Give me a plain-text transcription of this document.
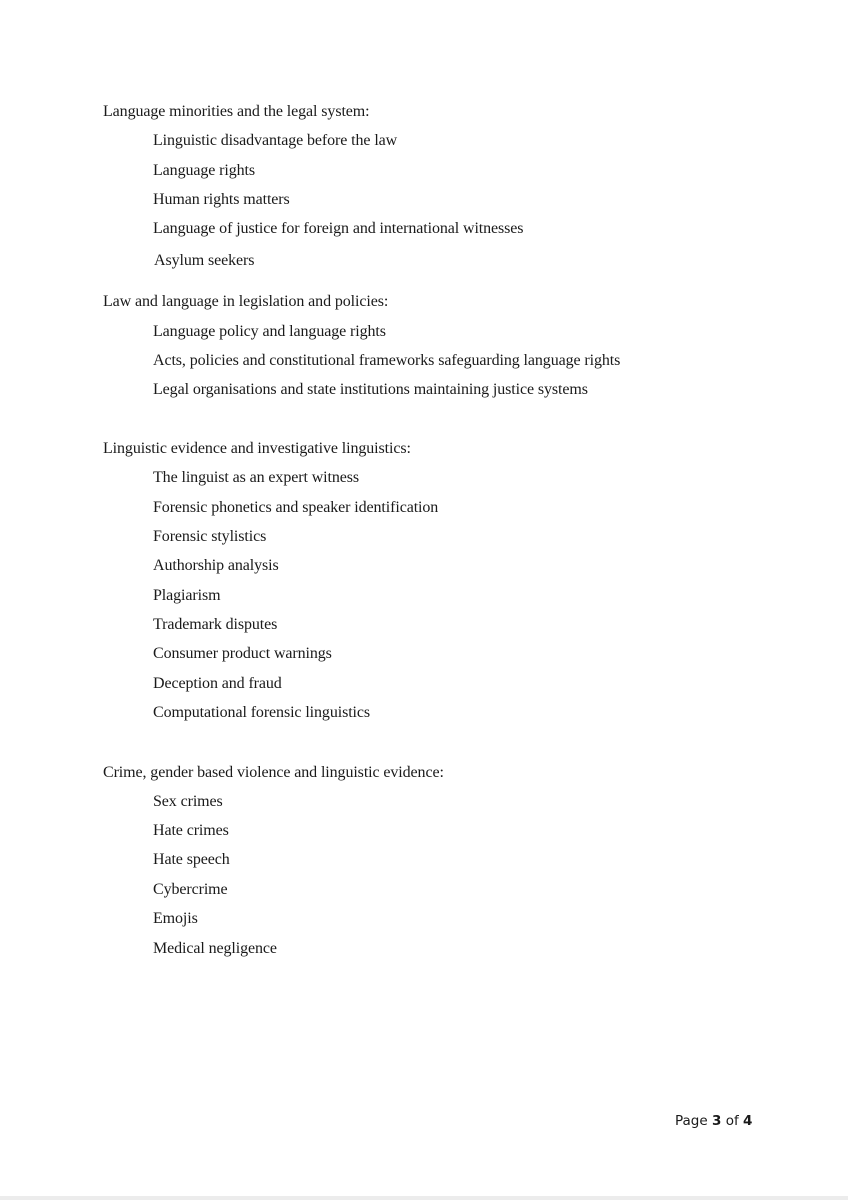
Language minorities and the legal system:
Linguistic disadvantage before the law
Language rights
Human rights matters
Language of justice for foreign and international witnesses
Asylum seekers
Law and language in legislation and policies:
Language policy and language rights
Acts, policies and constitutional frameworks safeguarding language rights
Legal organisations and state institutions maintaining justice systems
Linguistic evidence and investigative linguistics:
The linguist as an expert witness
Forensic phonetics and speaker identification
Forensic stylistics
Authorship analysis
Plagiarism
Trademark disputes
Consumer product warnings
Deception and fraud
Computational forensic linguistics
Crime, gender based violence and linguistic evidence:
Sex crimes
Hate crimes
Hate speech
Cybercrime
Emojis
Medical negligence
Page 3 of 4
